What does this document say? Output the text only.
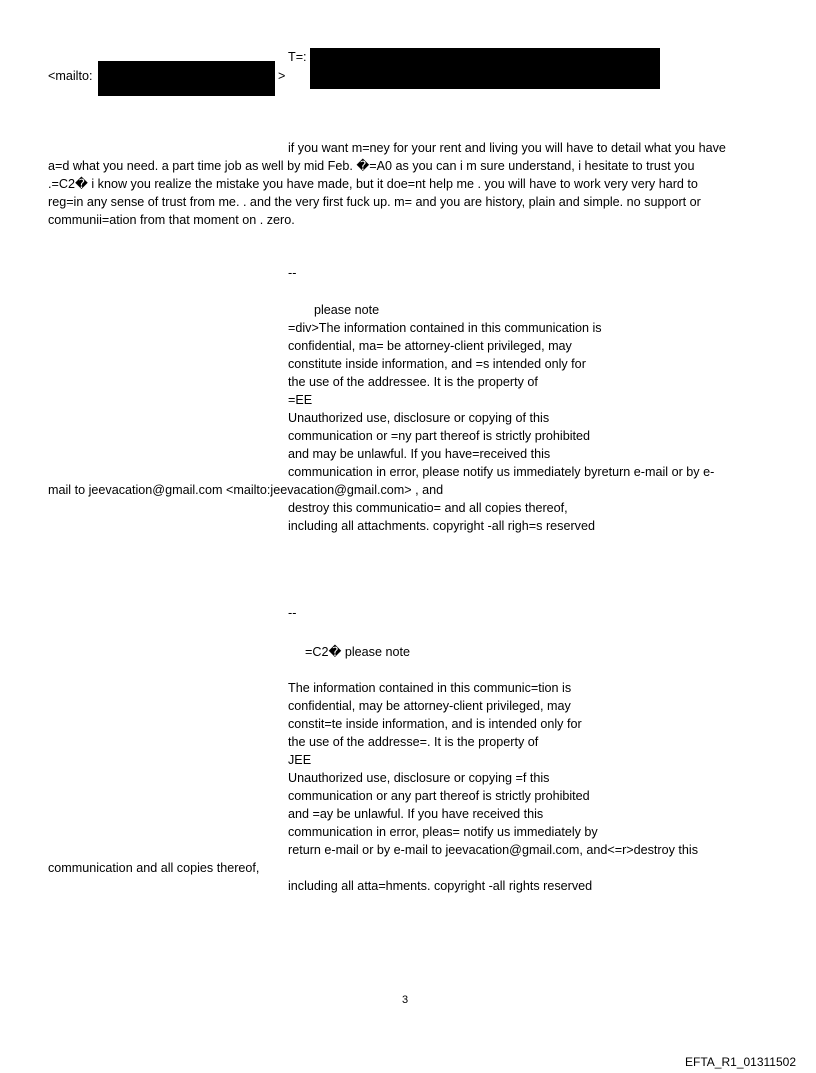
T=:
<mailto:	>
if you want m=ney for your rent and living you will have to detail what you have
a=d what you need. a part time job as well by mid Feb. �=A0 as you can i m sure understand, i hesitate to trust you
.=C2� i know you realize the mistake you have made, but it doe=nt help me . you will have to work very very hard to
reg=in any sense of trust from me. . and the very first fuck up. m= and you are history, plain and simple. no support or
communii=ation from that moment on . zero.
--
please note
=div>The information contained in this communication is
confidential, ma= be attorney-client privileged, may
constitute inside information, and =s intended only for
the use of the addressee. It is the property of
=EE
Unauthorized use, disclosure or copying of this
communication or =ny part thereof is strictly prohibited
and may be unlawful. If you have=received this
communication in error, please notify us immediately byreturn e-mail or by e-
mail to jeevacation@gmail.com <mailto:jeevacation@gmail.com> , and
destroy this communicatio= and all copies thereof,
including all attachments. copyright -all righ=s reserved
--
=C2� please note
The information contained in this communic=tion is
confidential, may be attorney-client privileged, may
constit=te inside information, and is intended only for
the use of the addresse=. It is the property of
JEE
Unauthorized use, disclosure or copying =f this
communication or any part thereof is strictly prohibited
and =ay be unlawful. If you have received this
communication in error, pleas= notify us immediately by
return e-mail or by e-mail to jeevacation@gmail.com, and<=r>destroy this
communication and all copies thereof,
including all atta=hments. copyright -all rights reserved
3
EFTA_R1_01311502
